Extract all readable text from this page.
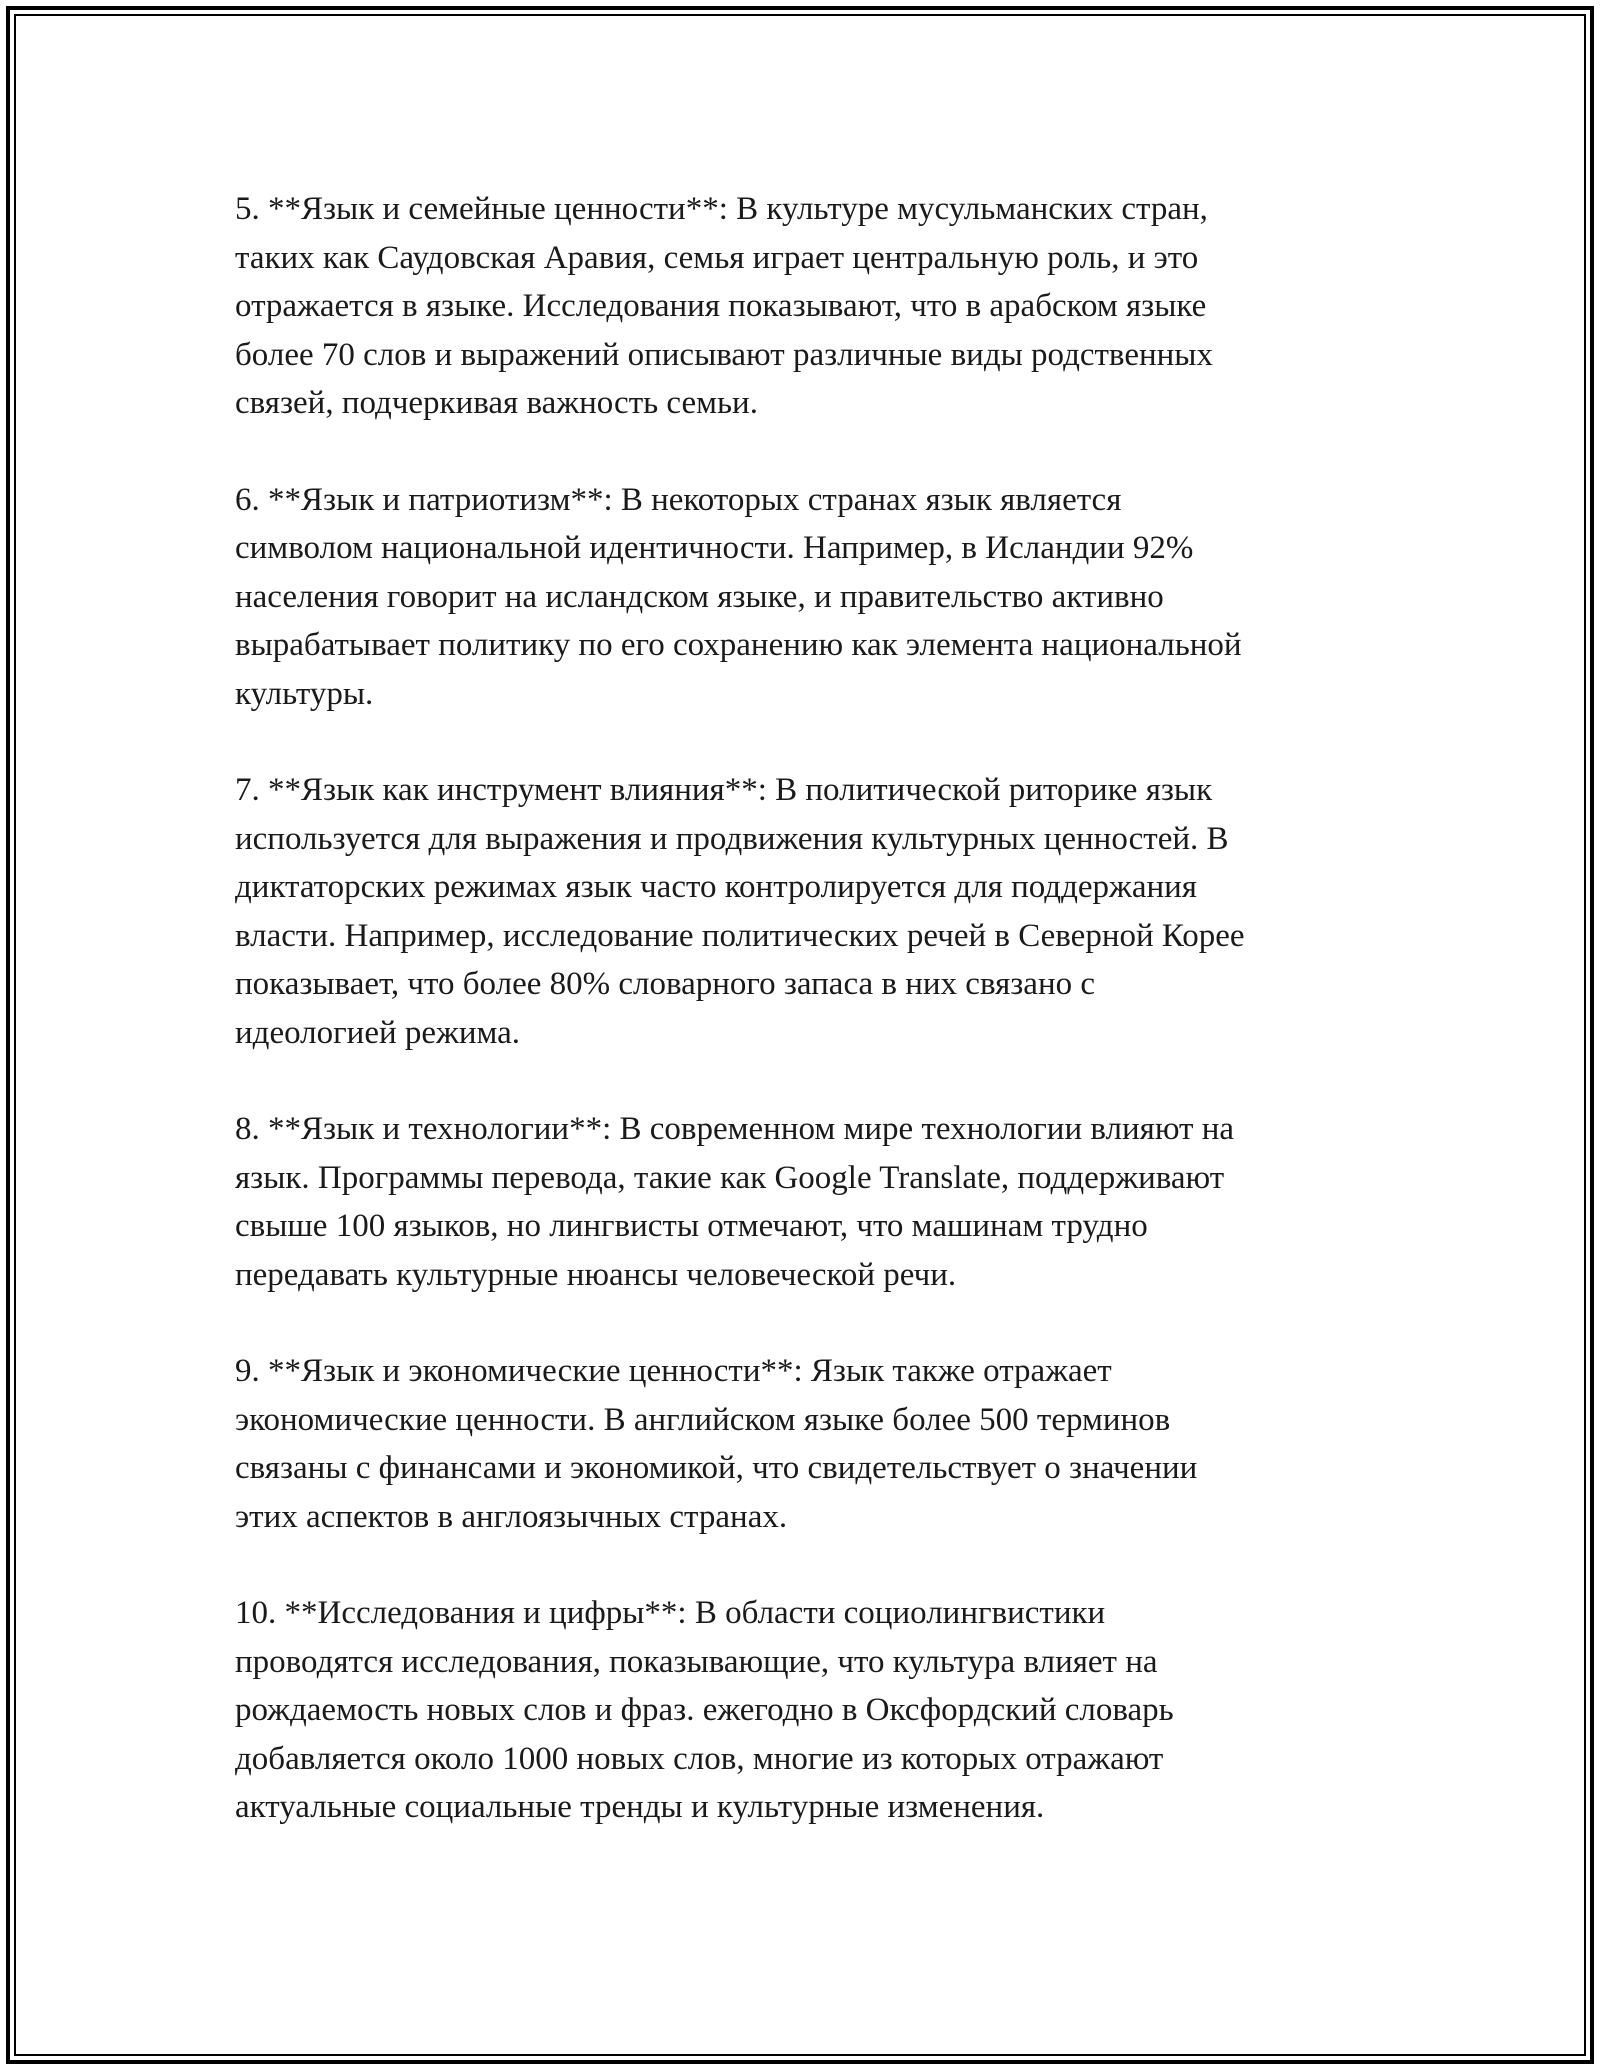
5. **Язык и семейные ценности**: В культуре мусульманских стран,
таких как Саудовская Аравия, семья играет центральную роль, и это
отражается в языке. Исследования показывают, что в арабском языке
более 70 слов и выражений описывают различные виды родственных
связей, подчеркивая важность семьи.

6. **Язык и патриотизм**: В некоторых странах язык является
символом национальной идентичности. Например, в Исландии 92%
населения говорит на исландском языке, и правительство активно
вырабатывает политику по его сохранению как элемента национальной
культуры.

7. **Язык как инструмент влияния**: В политической риторике язык
используется для выражения и продвижения культурных ценностей. В
диктаторских режимах язык часто контролируется для поддержания
власти. Например, исследование политических речей в Северной Корее
показывает, что более 80% словарного запаса в них связано с
идеологией режима.

8. **Язык и технологии**: В современном мире технологии влияют на
язык. Программы перевода, такие как Google Translate, поддерживают
свыше 100 языков, но лингвисты отмечают, что машинам трудно
передавать культурные нюансы человеческой речи.

9. **Язык и экономические ценности**: Язык также отражает
экономические ценности. В английском языке более 500 терминов
связаны с финансами и экономикой, что свидетельствует о значении
этих аспектов в англоязычных странах.

10. **Исследования и цифры**: В области социолингвистики
проводятся исследования, показывающие, что культура влияет на
рождаемость новых слов и фраз. ежегодно в Оксфордский словарь
добавляется около 1000 новых слов, многие из которых отражают
актуальные социальные тренды и культурные изменения.
